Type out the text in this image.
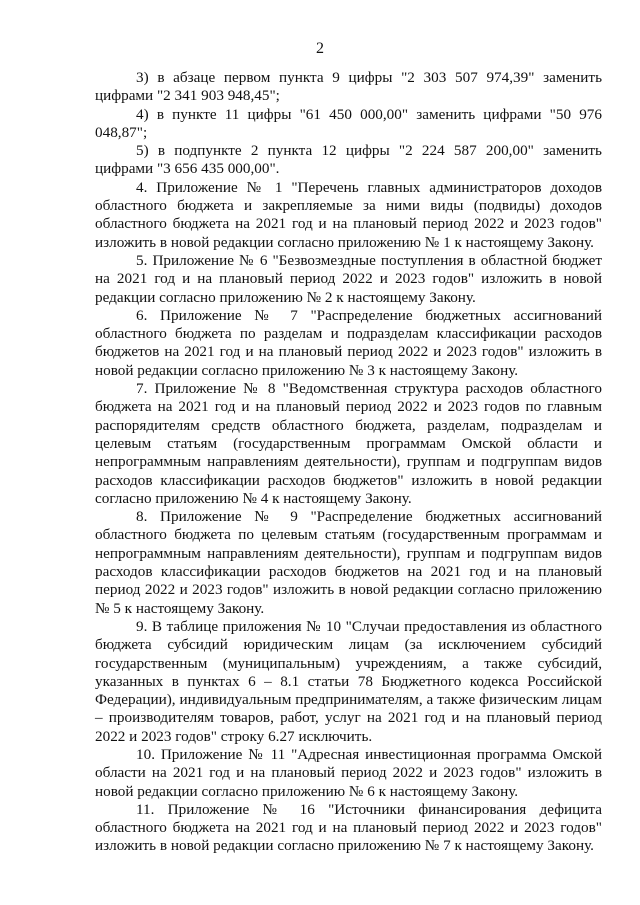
2

3) в абзаце первом пункта 9 цифры "2 303 507 974,39" заменить цифрами "2 341 903 948,45";

4) в пункте 11 цифры "61 450 000,00" заменить цифрами "50 976 048,87";

5) в подпункте 2 пункта 12 цифры "2 224 587 200,00" заменить цифрами "3 656 435 000,00".

4. Приложение № 1 "Перечень главных администраторов доходов областного бюджета и закрепляемые за ними виды (подвиды) доходов областного бюджета на 2021 год и на плановый период 2022 и 2023 годов" изложить в новой редакции согласно приложению № 1 к настоящему Закону.

5. Приложение № 6 "Безвозмездные поступления в областной бюджет на 2021 год и на плановый период 2022 и 2023 годов" изложить в новой редакции согласно приложению № 2 к настоящему Закону.

6. Приложение № 7 "Распределение бюджетных ассигнований областного бюджета по разделам и подразделам классификации расходов бюджетов на 2021 год и на плановый период 2022 и 2023 годов" изложить в новой редакции согласно приложению № 3 к настоящему Закону.

7. Приложение № 8 "Ведомственная структура расходов областного бюджета на 2021 год и на плановый период 2022 и 2023 годов по главным распорядителям средств областного бюджета, разделам, подразделам и целевым статьям (государственным программам Омской области и непрограммным направлениям деятельности), группам и подгруппам видов расходов классификации расходов бюджетов" изложить в новой редакции согласно приложению № 4 к настоящему Закону.

8. Приложение № 9 "Распределение бюджетных ассигнований областного бюджета по целевым статьям (государственным программам и непрограммным направлениям деятельности), группам и подгруппам видов расходов классификации расходов бюджетов на 2021 год и на плановый период 2022 и 2023 годов" изложить в новой редакции согласно приложению № 5 к настоящему Закону.

9. В таблице приложения № 10 "Случаи предоставления из областного бюджета субсидий юридическим лицам (за исключением субсидий государственным (муниципальным) учреждениям, а также субсидий, указанных в пунктах 6 – 8.1 статьи 78 Бюджетного кодекса Российской Федерации), индивидуальным предпринимателям, а также физическим лицам – производителям товаров, работ, услуг на 2021 год и на плановый период 2022 и 2023 годов" строку 6.27 исключить.

10. Приложение № 11 "Адресная инвестиционная программа Омской области на 2021 год и на плановый период 2022 и 2023 годов" изложить в новой редакции согласно приложению № 6 к настоящему Закону.

11. Приложение № 16 "Источники финансирования дефицита областного бюджета на 2021 год и на плановый период 2022 и 2023 годов" изложить в новой редакции согласно приложению № 7 к настоящему Закону.
